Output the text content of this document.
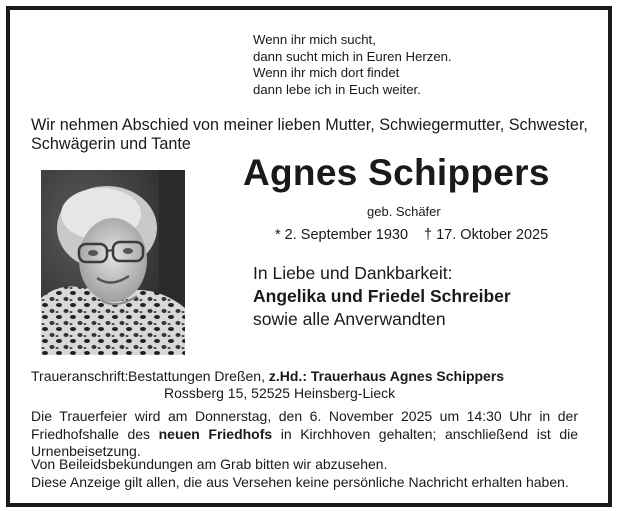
Wenn ihr mich sucht,
dann sucht mich in Euren Herzen.
Wenn ihr mich dort findet
dann lebe ich in Euch weiter.
Wir nehmen Abschied von meiner lieben Mutter, Schwiegermutter, Schwester, Schwägerin und Tante
Agnes Schippers
geb. Schäfer
* 2. September 1930 † 17. Oktober 2025
In Liebe und Dankbarkeit:
Angelika und Friedel Schreiber
sowie alle Anverwandten
Traueranschrift:Bestattungen Dreßen, z.Hd.: Trauerhaus Agnes Schippers
Rossberg 15, 52525 Heinsberg-Lieck
Die Trauerfeier wird am Donnerstag, den 6. November 2025 um 14:30 Uhr in der
Friedhofshalle des neuen Friedhofs in Kirchhoven gehalten; anschließend ist die
Urnenbeisetzung.
Von Beileidsbekundungen am Grab bitten wir abzusehen.
Diese Anzeige gilt allen, die aus Versehen keine persönliche Nachricht erhalten haben.
